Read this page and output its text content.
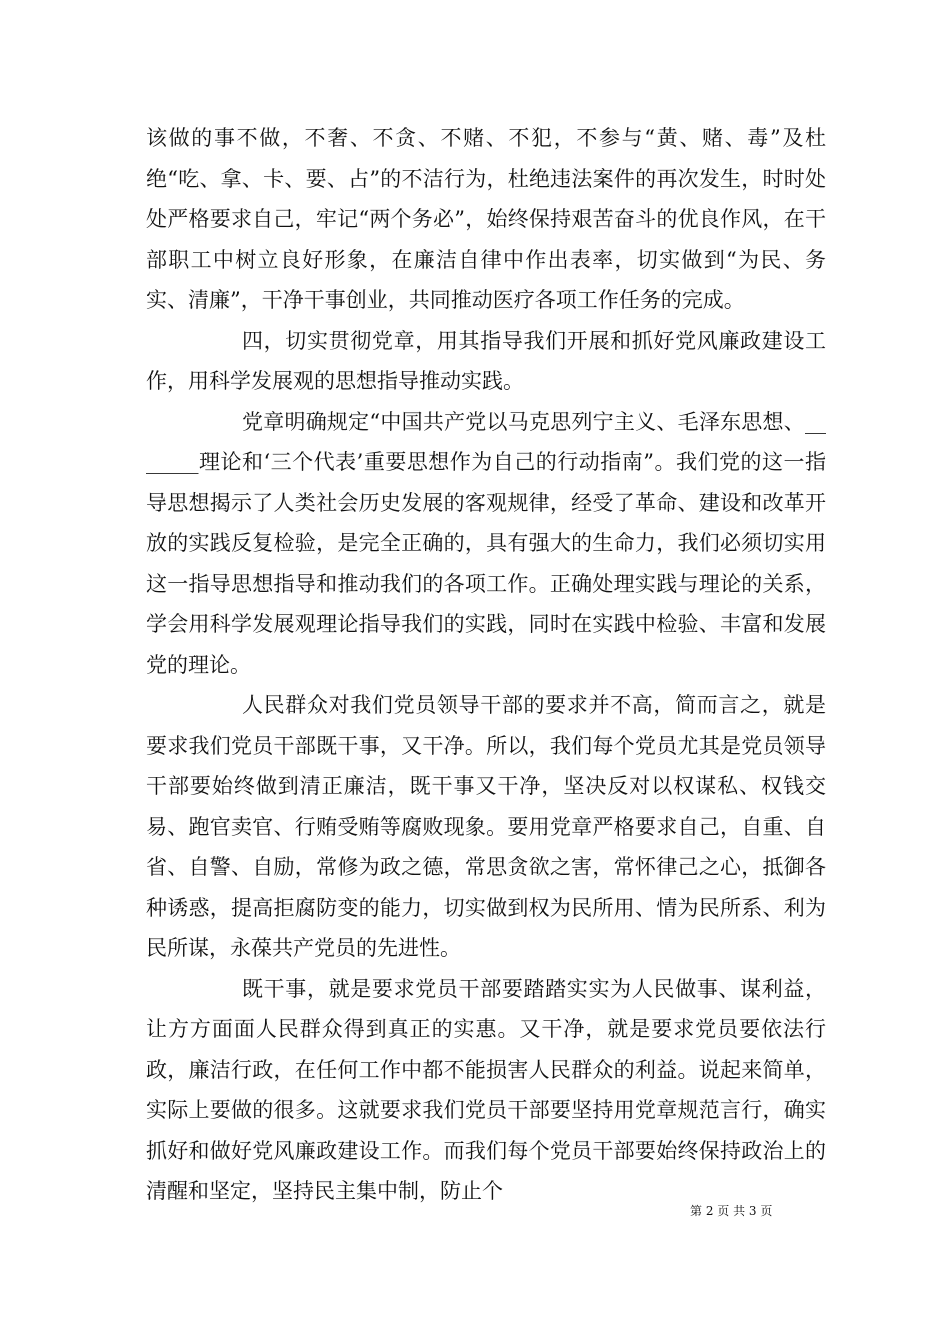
该做的事不做，不奢、不贪、不赌、不犯，不参与“黄、赌、毒”及杜绝“吃、拿、卡、要、占”的不洁行为，杜绝违法案件的再次发生，时时处处严格要求自己，牢记“两个务必”，始终保持艰苦奋斗的优良作风，在干部职工中树立良好形象，在廉洁自律中作出表率，切实做到“为民、务实、清廉”，干净干事创业，共同推动医疗各项工作任务的完成。

四，切实贯彻党章，用其指导我们开展和抓好党风廉政建设工作，用科学发展观的思想指导推动实践。

党章明确规定“中国共产党以马克思列宁主义、毛泽东思想、_______理论和‘三个代表’重要思想作为自己的行动指南”。我们党的这一指导思想揭示了人类社会历史发展的客观规律，经受了革命、建设和改革开放的实践反复检验，是完全正确的，具有强大的生命力，我们必须切实用这一指导思想指导和推动我们的各项工作。正确处理实践与理论的关系，学会用科学发展观理论指导我们的实践，同时在实践中检验、丰富和发展党的理论。

人民群众对我们党员领导干部的要求并不高，简而言之，就是要求我们党员干部既干事，又干净。所以，我们每个党员尤其是党员领导干部要始终做到清正廉洁，既干事又干净，坚决反对以权谋私、权钱交易、跑官卖官、行贿受贿等腐败现象。要用党章严格要求自己，自重、自省、自警、自励，常修为政之德，常思贪欲之害，常怀律己之心，抵御各种诱惑，提高拒腐防变的能力，切实做到权为民所用、情为民所系、利为民所谋，永葆共产党员的先进性。

既干事，就是要求党员干部要踏踏实实为人民做事、谋利益，让方方面面人民群众得到真正的实惠。又干净，就是要求党员要依法行政，廉洁行政，在任何工作中都不能损害人民群众的利益。说起来简单，实际上要做的很多。这就要求我们党员干部要坚持用党章规范言行，确实抓好和做好党风廉政建设工作。而我们每个党员干部要始终保持政治上的清醒和坚定，坚持民主集中制，防止个

第 2 页 共 3 页
